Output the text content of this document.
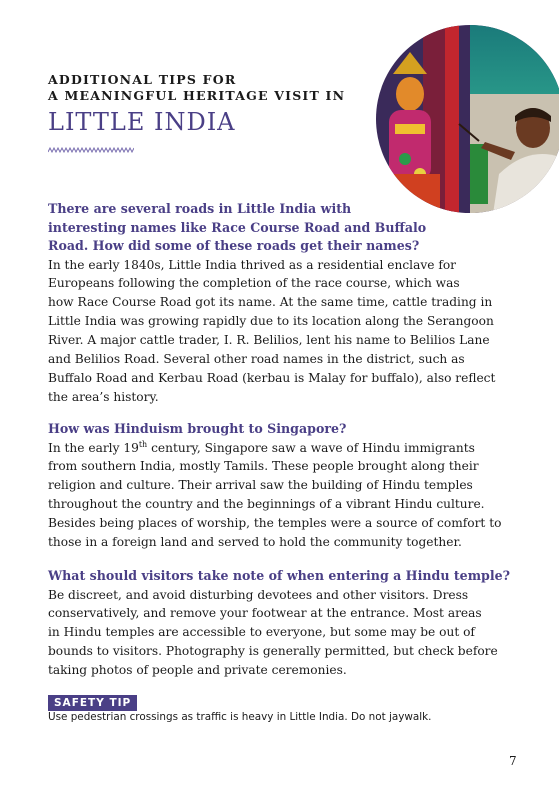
ADDITIONAL TIPS FOR
A MEANINGFUL HERITAGE VISIT IN

LITTLE INDIA

There are several roads in Little India with
interesting names like Race Course Road and Buffalo
Road. How did some of these roads get their names?

In the early 1840s, Little India thrived as a residential enclave for
Europeans following the completion of the race course, which was
how Race Course Road got its name. At the same time, cattle trading in
Little India was growing rapidly due to its location along the Serangoon
River. A major cattle trader, I. R. Belilios, lent his name to Belilios Lane
and Belilios Road. Several other road names in the district, such as
Buffalo Road and Kerbau Road (kerbau is Malay for buffalo), also reflect
the area’s history.

How was Hinduism brought to Singapore?

In the early 19th century, Singapore saw a wave of Hindu immigrants
from southern India, mostly Tamils. These people brought along their
religion and culture. Their arrival saw the building of Hindu temples
throughout the country and the beginnings of a vibrant Hindu culture.
Besides being places of worship, the temples were a source of comfort to
those in a foreign land and served to hold the community together.

What should visitors take note of when entering a Hindu temple?

Be discreet, and avoid disturbing devotees and other visitors. Dress
conservatively, and remove your footwear at the entrance. Most areas
in Hindu temples are accessible to everyone, but some may be out of
bounds to visitors. Photography is generally permitted, but check before
taking photos of people and private ceremonies.

SAFETY TIP
Use pedestrian crossings as traffic is heavy in Little India. Do not jaywalk.
7
